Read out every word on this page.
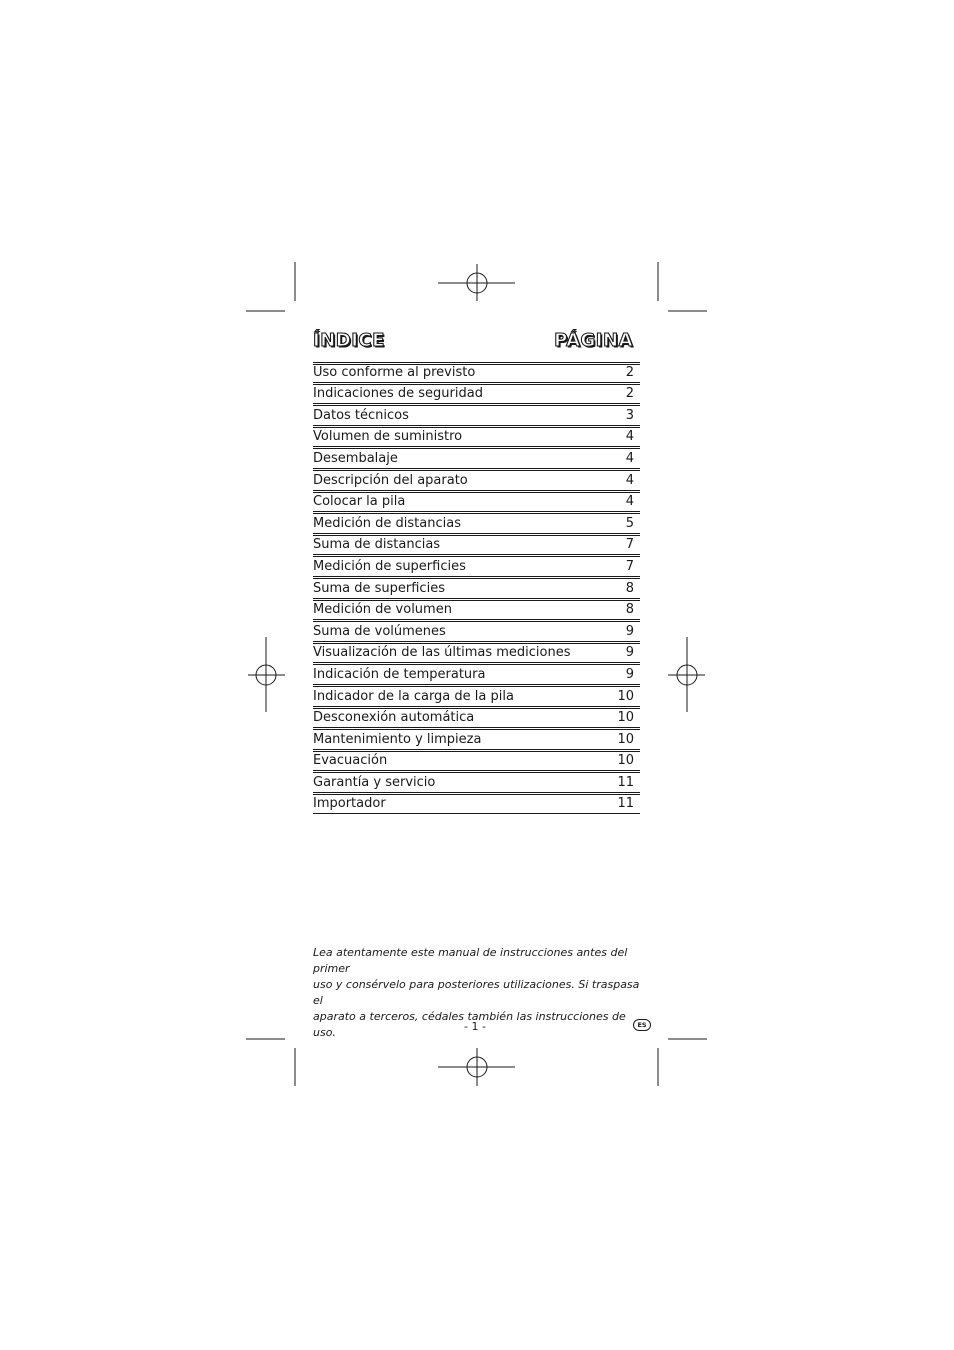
ÍNDICE	PÁGINA
Uso conforme al previsto	2
Indicaciones de seguridad	2
Datos técnicos	3
Volumen de suministro	4
Desembalaje	4
Descripción del aparato	4
Colocar la pila	4
Medición de distancias	5
Suma de distancias	7
Medición de superficies	7
Suma de superficies	8
Medición de volumen	8
Suma de volúmenes	9
Visualización de las últimas mediciones	9
Indicación de temperatura	9
Indicador de la carga de la pila	10
Desconexión automática	10
Mantenimiento y limpieza	10
Evacuación	10
Garantía y servicio	11
Importador	11
Lea atentamente este manual de instrucciones antes del primer
uso y consérvelo para posteriores utilizaciones. Si traspasa el
aparato a terceros, cédales también las instrucciones de uso.	- 1 -	ES
